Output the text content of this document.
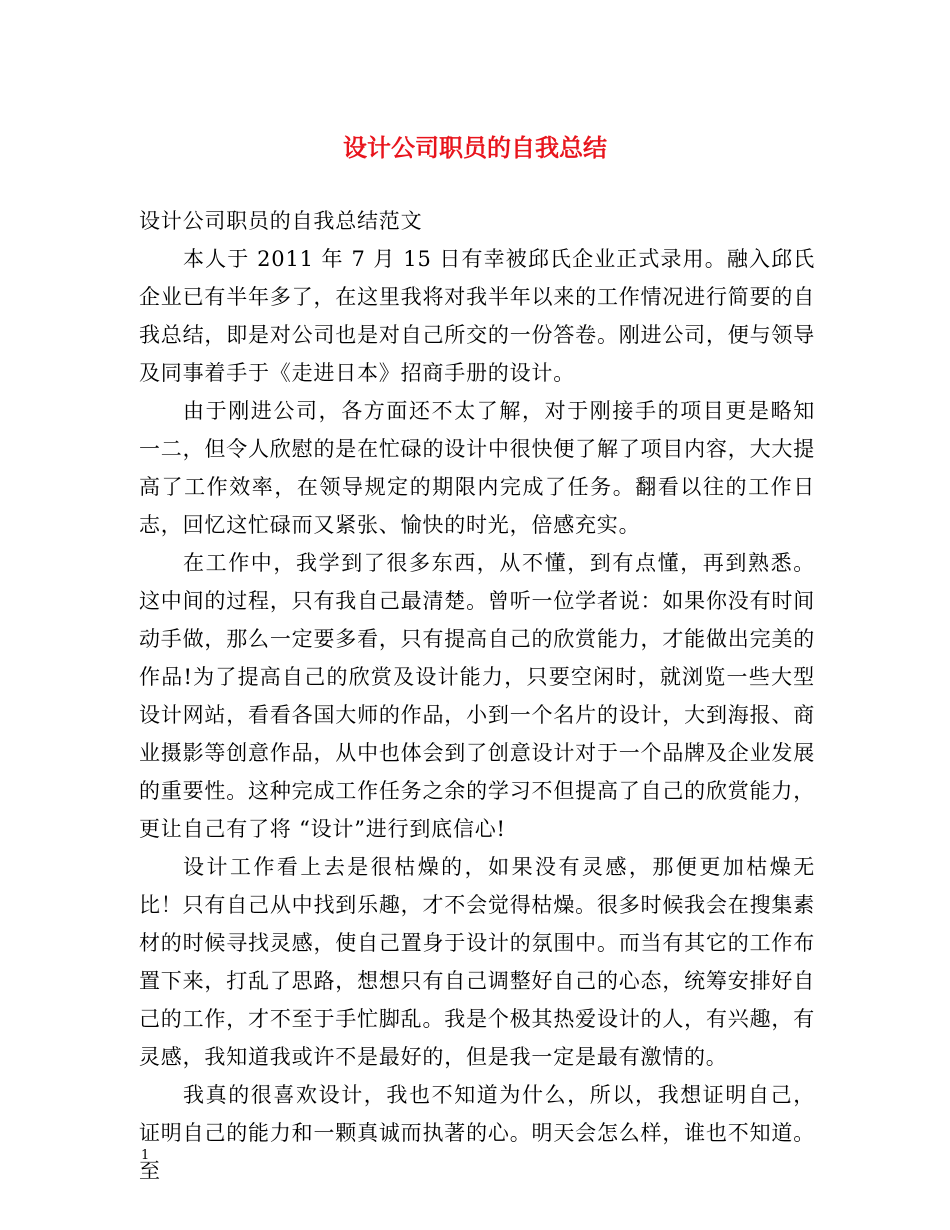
设计公司职员的自我总结

设计公司职员的自我总结范文

本人于 2011 年 7 月 15 日有幸被邱氏企业正式录用。融入邱氏企业已有半年多了，在这里我将对我半年以来的工作情况进行简要的自我总结，即是对公司也是对自己所交的一份答卷。刚进公司，便与领导及同事着手于《走进日本》招商手册的设计。

由于刚进公司，各方面还不太了解，对于刚接手的项目更是略知一二，但令人欣慰的是在忙碌的设计中很快便了解了项目内容，大大提高了工作效率，在领导规定的期限内完成了任务。翻看以往的工作日志，回忆这忙碌而又紧张、愉快的时光，倍感充实。

在工作中，我学到了很多东西，从不懂，到有点懂，再到熟悉。这中间的过程，只有我自己最清楚。曾听一位学者说：如果你没有时间动手做，那么一定要多看，只有提高自己的欣赏能力，才能做出完美的作品!为了提高自己的欣赏及设计能力，只要空闲时，就浏览一些大型设计网站，看看各国大师的作品，小到一个名片的设计，大到海报、商业摄影等创意作品，从中也体会到了创意设计对于一个品牌及企业发展的重要性。这种完成工作任务之余的学习不但提高了自己的欣赏能力，更让自己有了将 “设计”进行到底信心!

设计工作看上去是很枯燥的，如果没有灵感，那便更加枯燥无比！只有自己从中找到乐趣，才不会觉得枯燥。很多时候我会在搜集素材的时候寻找灵感，使自己置身于设计的氛围中。而当有其它的工作布置下来，打乱了思路，想想只有自己调整好自己的心态，统筹安排好自己的工作，才不至于手忙脚乱。我是个极其热爱设计的人，有兴趣，有灵感，我知道我或许不是最好的，但是我一定是最有激情的。

我真的很喜欢设计，我也不知道为什么，所以，我想证明自己，证明自己的能力和一颗真诚而执著的心。明天会怎么样，谁也不知道。至

1
